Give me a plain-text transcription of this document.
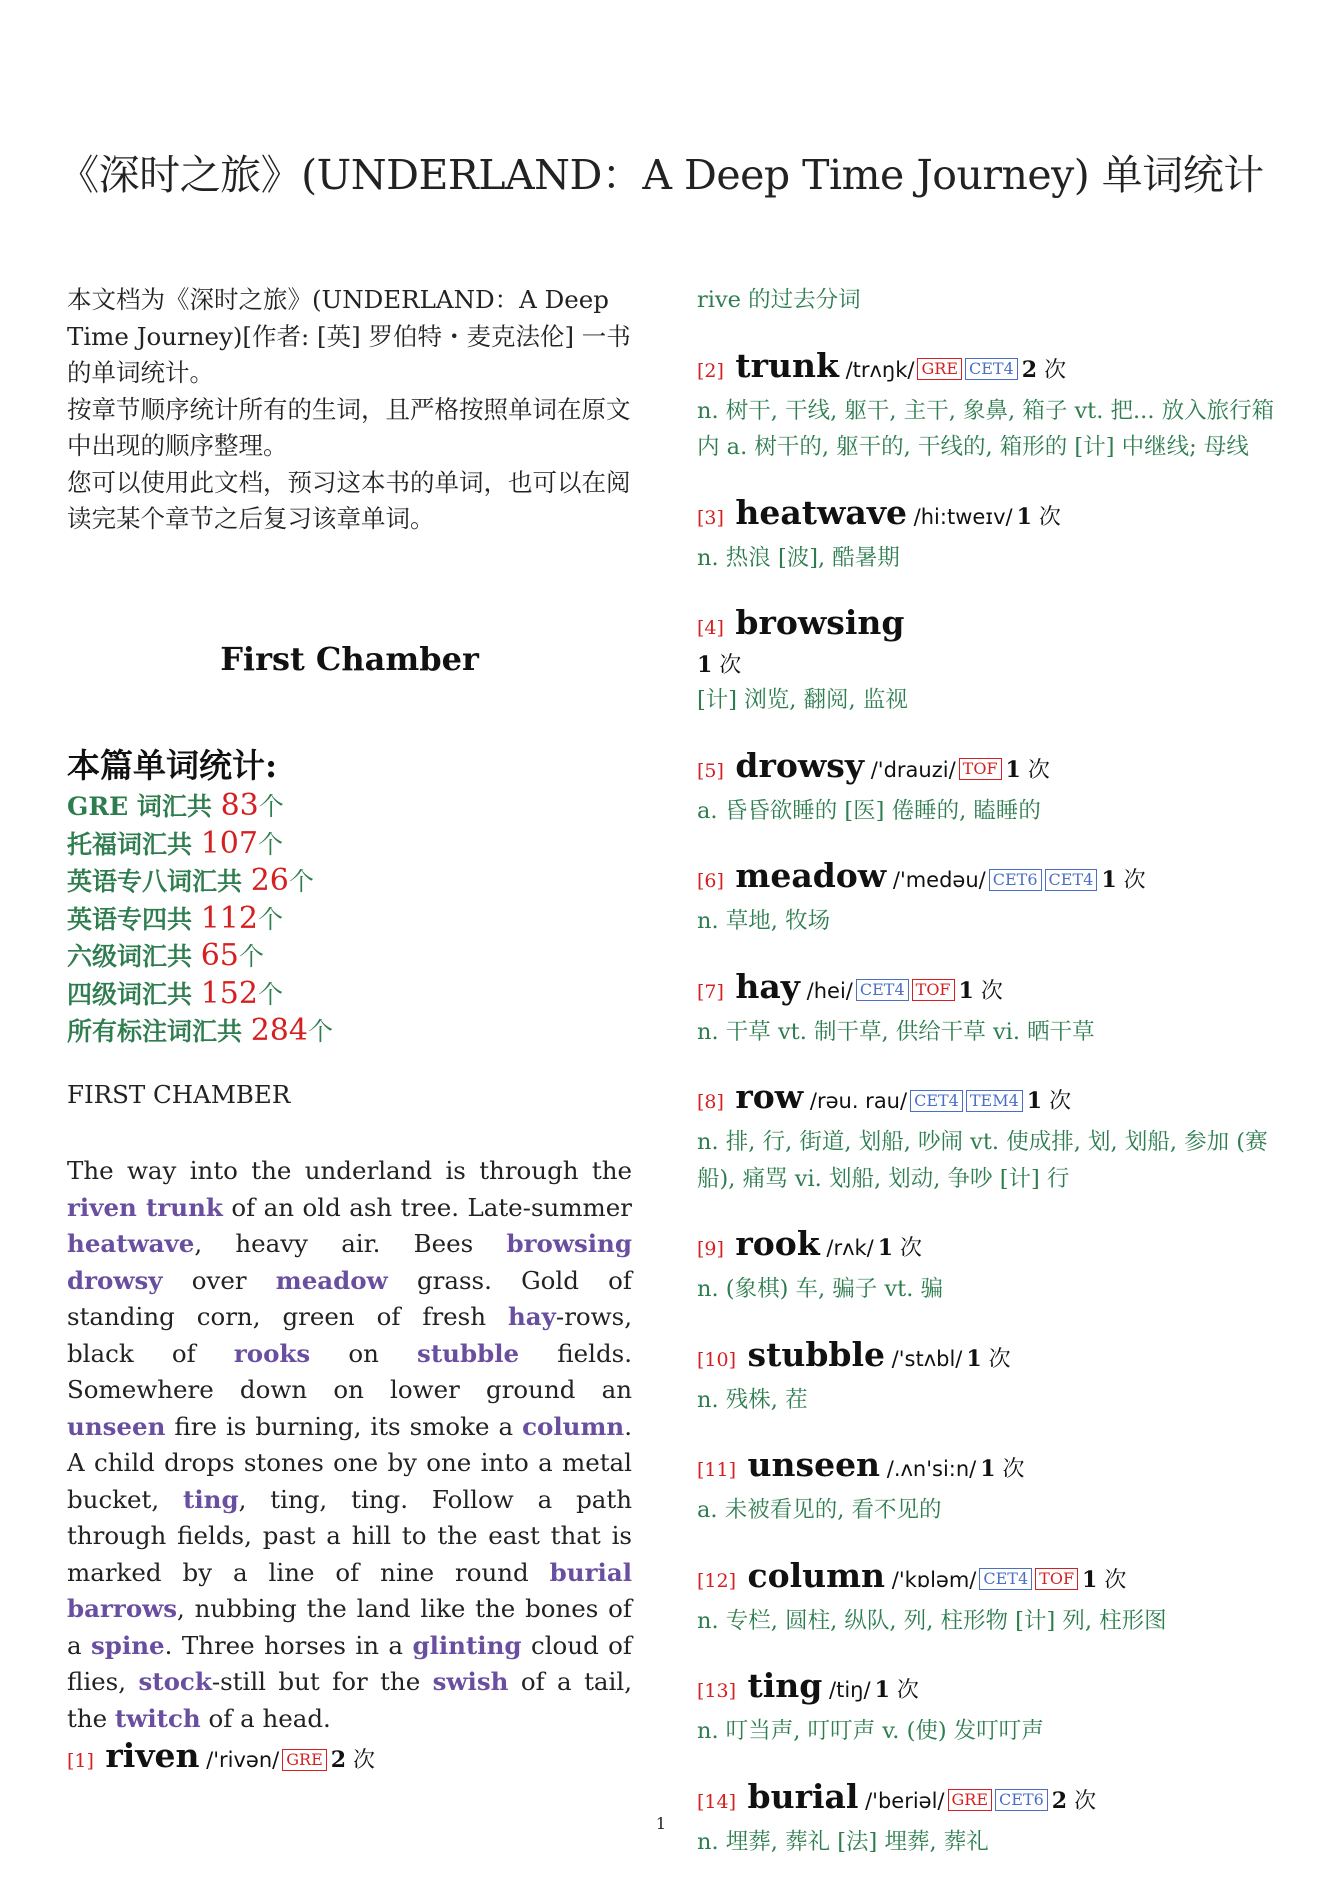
《深时之旅》(UNDERLAND：A Deep Time Journey) 单词统计

本文档为《深时之旅》(UNDERLAND：A Deep Time Journey)[作者: [英] 罗伯特・麦克法伦] 一书的单词统计。
按章节顺序统计所有的生词，且严格按照单词在原文中出现的顺序整理。
您可以使用此文档，预习这本书的单词，也可以在阅读完某个章节之后复习该章单词。

First Chamber
本篇单词统计:
GRE 词汇共 83个
托福词汇共 107个
英语专八词汇共 26个
英语专四共 112个
六级词汇共 65个
四级词汇共 152个
所有标注词汇共 284个
FIRST CHAMBER

The way into the underland is through the riven trunk of an old ash tree. Late-summer heatwave, heavy air. Bees browsing drowsy over meadow grass. Gold of standing corn, green of fresh hay-rows, black of rooks on stubble fields. Somewhere down on lower ground an unseen fire is burning, its smoke a column. A child drops stones one by one into a metal bucket, ting, ting, ting. Follow a path through fields, past a hill to the east that is marked by a line of nine round burial barrows, nubbing the land like the bones of a spine. Three horses in a glinting cloud of flies, stock-still but for the swish of a tail, the twitch of a head.

[1] riven /'rivən/ GRE 2 次
rive 的过去分词
[2] trunk /trʌŋk/ GRE CET4 2 次
n. 树干, 干线, 躯干, 主干, 象鼻, 箱子 vt. 把... 放入旅行箱内 a. 树干的, 躯干的, 干线的, 箱形的 [计] 中继线; 母线
[3] heatwave /hi:tweɪv/ 1 次
n. 热浪 [波], 酷暑期
[4] browsing
1 次
[计] 浏览, 翻阅, 监视
[5] drowsy /'drauzi/ TOF 1 次
a. 昏昏欲睡的 [医] 倦睡的, 瞌睡的
[6] meadow /'medəu/ CET6 CET4 1 次
n. 草地, 牧场
[7] hay /hei/ CET4 TOF 1 次
n. 干草 vt. 制干草, 供给干草 vi. 晒干草
[8] row /rəu. rau/ CET4 TEM4 1 次
n. 排, 行, 街道, 划船, 吵闹 vt. 使成排, 划, 划船, 参加 (赛船), 痛骂 vi. 划船, 划动, 争吵 [计] 行
[9] rook /rʌk/ 1 次
n. (象棋) 车, 骗子 vt. 骗
[10] stubble /'stʌbl/ 1 次
n. 残株, 茬
[11] unseen /.ʌn'si:n/ 1 次
a. 未被看见的, 看不见的
[12] column /'kɒləm/ CET4 TOF 1 次
n. 专栏, 圆柱, 纵队, 列, 柱形物 [计] 列, 柱形图
[13] ting /tiŋ/ 1 次
n. 叮当声, 叮叮声 v. (使) 发叮叮声
[14] burial /'beriəl/ GRE CET6 2 次
n. 埋葬, 葬礼 [法] 埋葬, 葬礼
1
